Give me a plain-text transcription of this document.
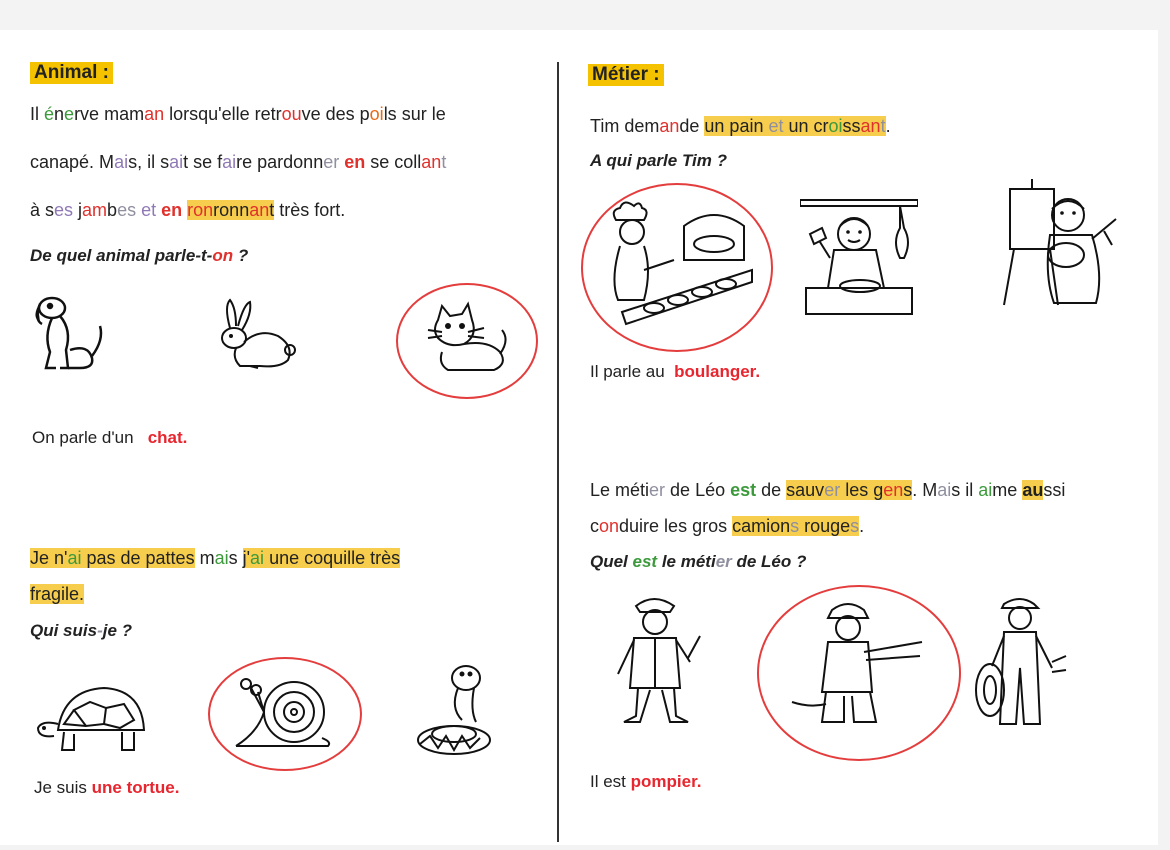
Animal :

Il énerve maman lorsqu'elle retrouve des poils sur le

canapé. Mais, il sait se faire pardonner en se collant

à ses jambes et en ronronnant très fort.

De quel animal parle-t-on ?

On parle d'un chat.

Je n'ai pas de pattes mais j'ai une coquille très

fragile.

Qui suis-je ?

Je suis une tortue.

Métier :

Tim demande un pain et un croissant.

A qui parle Tim ?

Il parle au boulanger.

Le métier de Léo est de sauver les gens. Mais il aime aussi

conduire les gros camions rouges.

Quel est le métier de Léo ?

Il est pompier.
